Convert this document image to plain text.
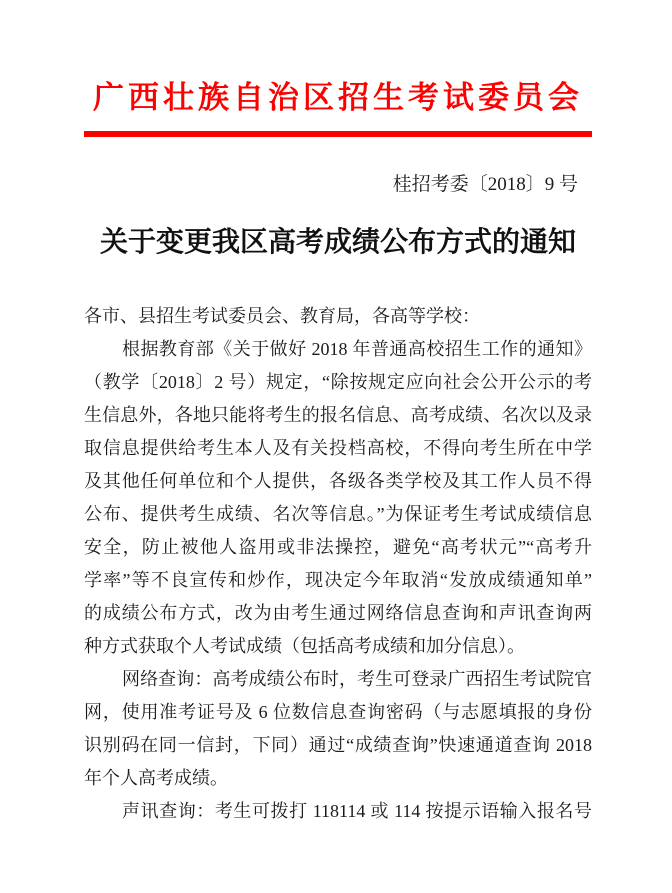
广西壮族自治区招生考试委员会
桂招考委〔2018〕9 号
关于变更我区高考成绩公布方式的通知
各市、县招生考试委员会、教育局，各高等学校：
根据教育部《关于做好 2018 年普通高校招生工作的通知》
（教学〔2018〕2 号）规定，“除按规定应向社会公开公示的考
生信息外，各地只能将考生的报名信息、高考成绩、名次以及录
取信息提供给考生本人及有关投档高校，不得向考生所在中学
及其他任何单位和个人提供，各级各类学校及其工作人员不得
公布、提供考生成绩、名次等信息。”为保证考生考试成绩信息
安全，防止被他人盗用或非法操控，避免“高考状元”“高考升
学率”等不良宣传和炒作，现决定今年取消“发放成绩通知单”
的成绩公布方式，改为由考生通过网络信息查询和声讯查询两
种方式获取个人考试成绩（包括高考成绩和加分信息）。
网络查询：高考成绩公布时，考生可登录广西招生考试院官
网，使用准考证号及 6 位数信息查询密码（与志愿填报的身份
识别码在同一信封，下同）通过“成绩查询”快速通道查询 2018
年个人高考成绩。
声讯查询：考生可拨打 118114 或 114 按提示语输入报名号
